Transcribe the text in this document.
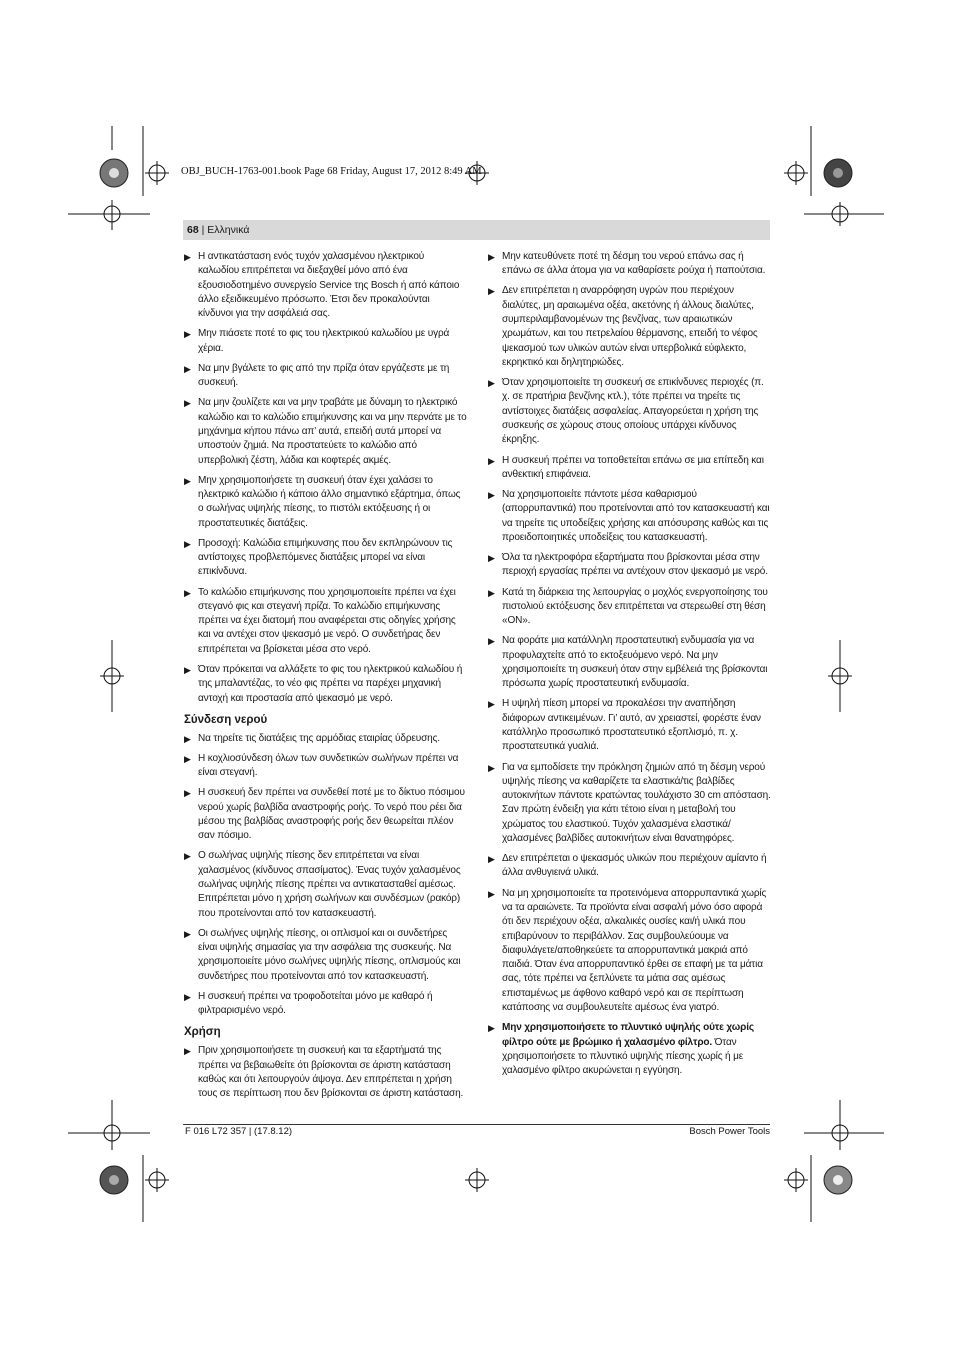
OBJ_BUCH-1763-001.book Page 68 Friday, August 17, 2012 8:49 AM
68 | Ελληνικά
▶ Η αντικατάσταση ενός τυχόν χαλασμένου ηλεκτρικού καλωδίου επιτρέπεται να διεξαχθεί μόνο από ένα εξουσιοδοτημένο συνεργείο Service της Bosch ή από κάποιο άλλο εξειδικευμένο πρόσωπο. Έτσι δεν προκαλούνται κίνδυνοι για την ασφάλειά σας.
▶ Μην πιάσετε ποτέ το φις του ηλεκτρικού καλωδίου με υγρά χέρια.
▶ Να μην βγάλετε το φις από την πρίζα όταν εργάζεστε με τη συσκευή.
▶ Να μην ζουλίζετε και να μην τραβάτε με δύναμη το ηλεκτρικό καλώδιο και το καλώδιο επιμήκυνσης και να μην περνάτε με το μηχάνημα κήπου πάνω απ’ αυτά, επειδή αυτά μπορεί να υποστούν ζημιά. Να προστατεύετε το καλώδιο από υπερβολική ζέστη, λάδια και κοφτερές ακμές.
▶ Μην χρησιμοποιήσετε τη συσκευή όταν έχει χαλάσει το ηλεκτρικό καλώδιο ή κάποιο άλλο σημαντικό εξάρτημα, όπως ο σωλήνας υψηλής πίεσης, το πιστόλι εκτόξευσης ή οι προστατευτικές διατάξεις.
▶ Προσοχή: Καλώδια επιμήκυνσης που δεν εκπληρώνουν τις αντίστοιχες προβλεπόμενες διατάξεις μπορεί να είναι επικίνδυνα.
▶ Το καλώδιο επιμήκυνσης που χρησιμοποιείτε πρέπει να έχει στεγανό φις και στεγανή πρίζα. Το καλώδιο επιμήκυνσης πρέπει να έχει διατομή που αναφέρεται στις οδηγίες χρήσης και να αντέχει στον ψεκασμό με νερό. Ο συνδετήρας δεν επιτρέπεται να βρίσκεται μέσα στο νερό.
▶ Όταν πρόκειται να αλλάξετε το φις του ηλεκτρικού καλωδίου ή της μπαλαντέζας, το νέο φις πρέπει να παρέχει μηχανική αντοχή και προστασία από ψεκασμό με νερό.
Σύνδεση νερού
▶ Να τηρείτε τις διατάξεις της αρμόδιας εταιρίας ύδρευσης.
▶ Η κοχλιοσύνδεση όλων των συνδετικών σωλήνων πρέπει να είναι στεγανή.
▶ Η συσκευή δεν πρέπει να συνδεθεί ποτέ με το δίκτυο πόσιμου νερού χωρίς βαλβίδα αναστροφής ροής. Το νερό που ρέει δια μέσου της βαλβίδας αναστροφής ροής δεν θεωρείται πλέον σαν πόσιμο.
▶ Ο σωλήνας υψηλής πίεσης δεν επιτρέπεται να είναι χαλασμένος (κίνδυνος σπασίματος). Ένας τυχόν χαλασμένος σωλήνας υψηλής πίεσης πρέπει να αντικατασταθεί αμέσως. Επιτρέπεται μόνο η χρήση σωλήνων και συνδέσμων (ρακόρ) που προτείνονται από τον κατασκευαστή.
▶ Οι σωλήνες υψηλής πίεσης, οι οπλισμοί και οι συνδετήρες είναι υψηλής σημασίας για την ασφάλεια της συσκευής. Να χρησιμοποιείτε μόνο σωλήνες υψηλής πίεσης, οπλισμούς και συνδετήρες που προτείνονται από τον κατασκευαστή.
▶ Η συσκευή πρέπει να τροφοδοτείται μόνο με καθαρό ή φιλτραρισμένο νερό.
Χρήση
▶ Πριν χρησιμοποιήσετε τη συσκευή και τα εξαρτήματά της πρέπει να βεβαιωθείτε ότι βρίσκονται σε άριστη κατάσταση καθώς και ότι λειτουργούν άψογα. Δεν επιτρέπεται η χρήση τους σε περίπτωση που δεν βρίσκονται σε άριστη κατάσταση.
▶ Μην κατευθύνετε ποτέ τη δέσμη του νερού επάνω σας ή επάνω σε άλλα άτομα για να καθαρίσετε ρούχα ή παπούτσια.
▶ Δεν επιτρέπεται η αναρρόφηση υγρών που περιέχουν διαλύτες, μη αραιωμένα οξέα, ακετόνης ή άλλους διαλύτες, συμπεριλαμβανομένων της βενζίνας, των αραιωτικών χρωμάτων, και του πετρελαίου θέρμανσης, επειδή το νέφος ψεκασμού των υλικών αυτών είναι υπερβολικά εύφλεκτο, εκρηκτικό και δηλητηριώδες.
▶ Όταν χρησιμοποιείτε τη συσκευή σε επικίνδυνες περιοχές (π. χ. σε πρατήρια βενζίνης κτλ.), τότε πρέπει να τηρείτε τις αντίστοιχες διατάξεις ασφαλείας. Απαγορεύεται η χρήση της συσκευής σε χώρους στους οποίους υπάρχει κίνδυνος έκρηξης.
▶ Η συσκευή πρέπει να τοποθετείται επάνω σε μια επίπεδη και ανθεκτική επιφάνεια.
▶ Να χρησιμοποιείτε πάντοτε μέσα καθαρισμού (απορρυπαντικά) που προτείνονται από τον κατασκευαστή και να τηρείτε τις υποδείξεις χρήσης και απόσυρσης καθώς και τις προειδοποιητικές υποδείξεις του κατασκευαστή.
▶ Όλα τα ηλεκτροφόρα εξαρτήματα που βρίσκονται μέσα στην περιοχή εργασίας πρέπει να αντέχουν στον ψεκασμό με νερό.
▶ Κατά τη διάρκεια της λειτουργίας ο μοχλός ενεργοποίησης του πιστολιού εκτόξευσης δεν επιτρέπεται να στερεωθεί στη θέση «ON».
▶ Να φοράτε μια κατάλληλη προστατευτική ενδυμασία για να προφυλαχτείτε από το εκτοξευόμενο νερό. Να μην χρησιμοποιείτε τη συσκευή όταν στην εμβέλειά της βρίσκονται πρόσωπα χωρίς προστατευτική ενδυμασία.
▶ Η υψηλή πίεση μπορεί να προκαλέσει την αναπήδηση διάφορων αντικειμένων. Γι’ αυτό, αν χρειαστεί, φορέστε έναν κατάλληλο προσωπικό προστατευτικό εξοπλισμό, π. χ. προστατευτικά γυαλιά.
▶ Για να εμποδίσετε την πρόκληση ζημιών από τη δέσμη νερού υψηλής πίεσης να καθαρίζετε τα ελαστικά/τις βαλβίδες αυτοκινήτων πάντοτε κρατώντας τουλάχιστο 30 cm απόσταση. Σαν πρώτη ένδειξη για κάτι τέτοιο είναι η μεταβολή του χρώματος του ελαστικού. Τυχόν χαλασμένα ελαστικά/χαλασμένες βαλβίδες αυτοκινήτων είναι θανατηφόρες.
▶ Δεν επιτρέπεται ο ψεκασμός υλικών που περιέχουν αμίαντο ή άλλα ανθυγιεινά υλικά.
▶ Να μη χρησιμοποιείτε τα προτεινόμενα απορρυπαντικά χωρίς να τα αραιώνετε. Τα προϊόντα είναι ασφαλή μόνο όσο αφορά ότι δεν περιέχουν οξέα, αλκαλικές ουσίες και/ή υλικά που επιβαρύνουν το περιβάλλον. Σας συμβουλεύουμε να διαφυλάγετε/αποθηκεύετε τα απορρυπαντικά μακριά από παιδιά. Όταν ένα απορρυπαντικό έρθει σε επαφή με τα μάτια σας, τότε πρέπει να ξεπλύνετε τα μάτια σας αμέσως επισταμένως με άφθονο καθαρό νερό και σε περίπτωση κατάποσης να συμβουλευτείτε αμέσως ένα γιατρό.
▶ Μην χρησιμοποιήσετε το πλυντικό υψηλής ούτε χωρίς φίλτρο ούτε με βρώμικο ή χαλασμένο φίλτρο. Όταν χρησιμοποιήσετε το πλυντικό υψηλής πίεσης χωρίς ή με χαλασμένο φίλτρο ακυρώνεται η εγγύηση.
F 016 L72 357 | (17.8.12)	Bosch Power Tools
